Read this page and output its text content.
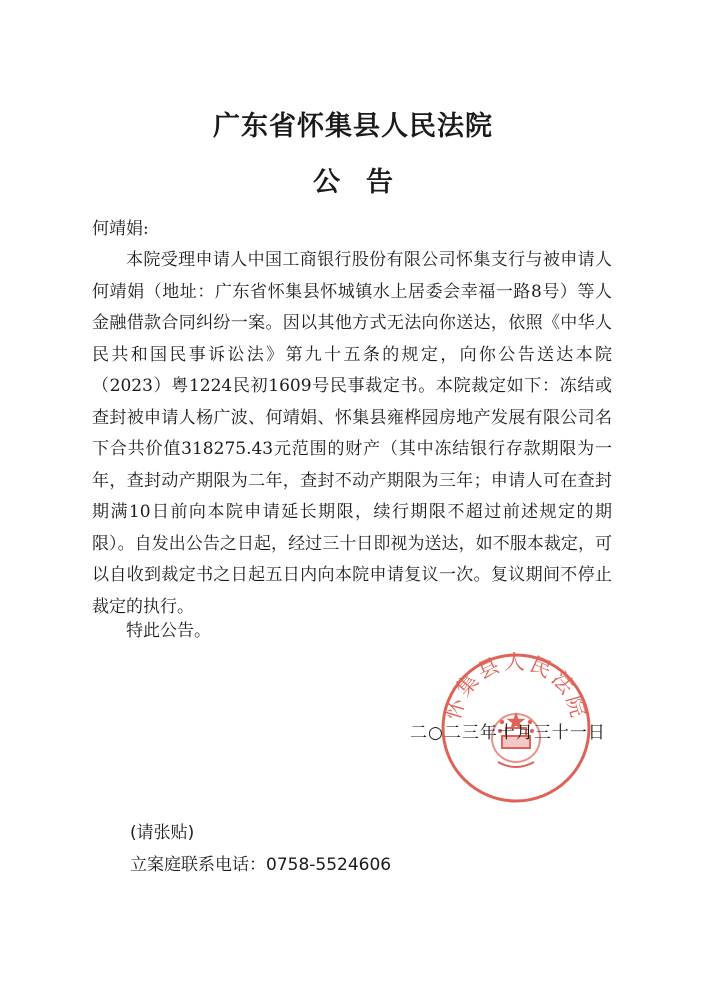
广东省怀集县人民法院
公告
何靖娟:

本院受理申请人中国工商银行股份有限公司怀集支行与被申请人何靖娟（地址：广东省怀集县怀城镇水上居委会幸福一路8号）等人金融借款合同纠纷一案。因以其他方式无法向你送达，依照《中华人民共和国民事诉讼法》第九十五条的规定，向你公告送达本院（2023）粤1224民初1609号民事裁定书。本院裁定如下：冻结或查封被申请人杨广波、何靖娟、怀集县雍桦园房地产发展有限公司名下合共价值318275.43元范围的财产（其中冻结银行存款期限为一年，查封动产期限为二年，查封不动产期限为三年；申请人可在查封期满10日前向本院申请延长期限，续行期限不超过前述规定的期限）。自发出公告之日起，经过三十日即视为送达，如不服本裁定，可以自收到裁定书之日起五日内向本院申请复议一次。复议期间不停止裁定的执行。

特此公告。
怀集县人民法院
二○二三年十月三十一日
(请张贴)
立案庭联系电话：0758-5524606
